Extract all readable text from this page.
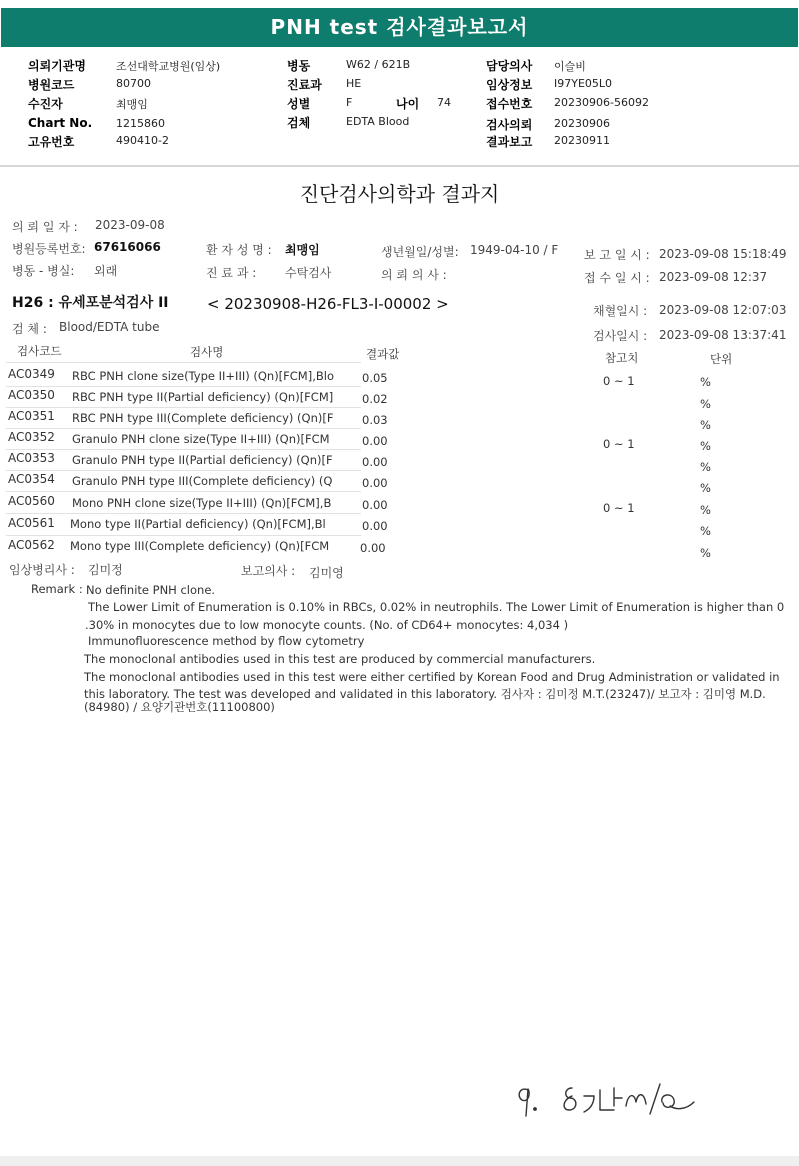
PNH test 검사결과보고서
의뢰기관명	조선대학교병원(임상)
병원코드	80700
수진자	최맹임
Chart No. 1215860
고유번호	490410-2
병동	W62 / 621B
진료과 HE
성별	F	나이 74
검체	EDTA Blood
담당의사 이슬비
임상정보 I97YE05L0
접수번호 20230906-56092
검사의뢰 20230906
결과보고 20230911
진단검사의학과 결과지
의 뢰 일 자 : 2023-09-08
병원등록번호: 67616066	환 자 성 명 : 최맹임	생년월일/성별: 1949-04-10 / F 보 고 일 시 : 2023-09-08 15:18:49
병동 - 병실: 외래	진 료 과 : 수탁검사	의 뢰 의 사 :	접 수 일 시 : 2023-09-08 12:37
H26 : 유세포분석검사 II	< 20230908-H26-FL3-I-00002 >	채혈일시 : 2023-09-08 12:07:03
검 체 : Blood/EDTA tube
검사일시 : 2023-09-08 13:37:41
검사코드	검사명	결과값	참고치	단위
AC0349 RBC PNH clone size(Type II+III) (Qn)[FCM],Blo 0.05	0 ~ 1	%
AC0350 RBC PNH type II(Partial deficiency) (Qn)[FCM]	0.02	%
AC0351 RBC PNH type III(Complete deficiency) (Qn)[F 0.03	%
AC0352 Granulo PNH clone size(Type II+III) (Qn)[FCM	0.00	0 ~ 1	%
AC0353 Granulo PNH type II(Partial deficiency) (Qn)[F	0.00	%
AC0354 Granulo PNH type III(Complete deficiency) (Q	0.00	%
AC0560 Mono PNH clone size(Type II+III) (Qn)[FCM],B	0.00	0 ~ 1	%
AC0561 Mono type II(Partial deficiency) (Qn)[FCM],Bl	0.00	%
AC0562 Mono type III(Complete deficiency) (Qn)[FCM	0.00	%
임상병리사 : 김미정	보고의사 : 김미영
Remark : No definite PNH clone.
The Lower Limit of Enumeration is 0.10% in RBCs, 0.02% in neutrophils. The Lower Limit of Enumeration is higher than 0
.30% in monocytes due to low monocyte counts. (No. of CD64+ monocytes: 4,034 )
Immunofluorescence method by flow cytometry
The monoclonal antibodies used in this test are produced by commercial manufacturers.
The monoclonal antibodies used in this test were either certified by Korean Food and Drug Administration or validated in
this laboratory. The test was developed and validated in this laboratory. 검사자 : 김미정 M.T.(23247)/ 보고자 : 김미영 M.D.
(84980) / 요양기관번호(11100800)
